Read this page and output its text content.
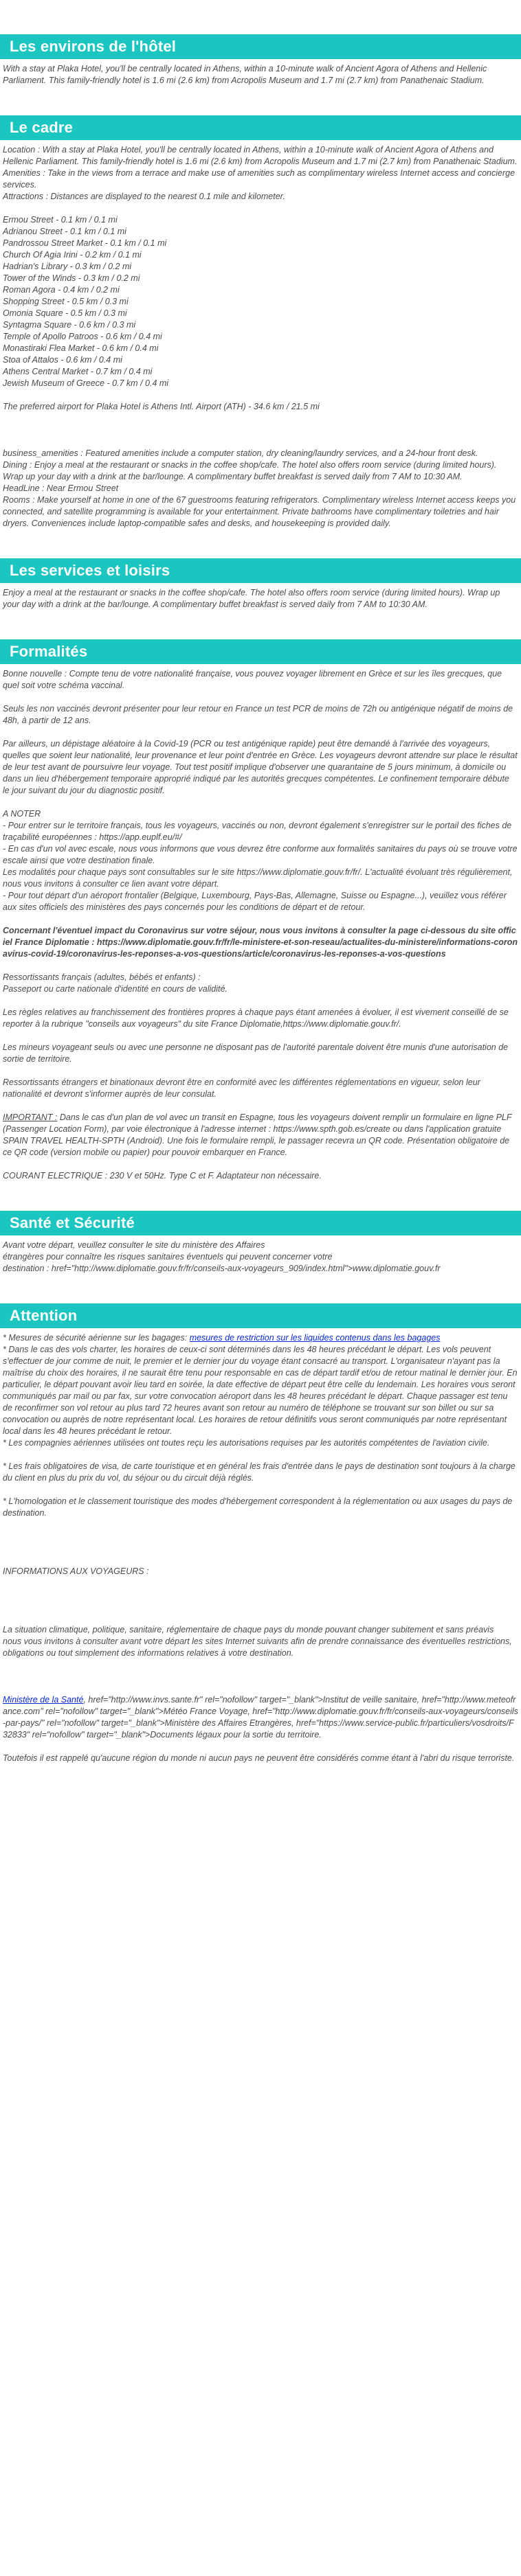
Les environs de l'hôtel

With a stay at Plaka Hotel, you'll be centrally located in Athens, within a 10-minute walk of Ancient Agora of Athens and Hellenic Parliament. This family-friendly hotel is 1.6 mi (2.6 km) from Acropolis Museum and 1.7 mi (2.7 km) from Panathenaic Stadium.

Le cadre

Location : With a stay at Plaka Hotel, you'll be centrally located in Athens, within a 10-minute walk of Ancient Agora of Athens and Hellenic Parliament. This family-friendly hotel is 1.6 mi (2.6 km) from Acropolis Museum and 1.7 mi (2.7 km) from Panathenaic Stadium.

Amenities : Take in the views from a terrace and make use of amenities such as complimentary wireless Internet access and concierge services.

Attractions : Distances are displayed to the nearest 0.1 mile and kilometer.

Ermou Street - 0.1 km / 0.1 mi
Adrianou Street - 0.1 km / 0.1 mi
Pandrossou Street Market - 0.1 km / 0.1 mi
Church Of Agia Irini - 0.2 km / 0.1 mi
Hadrian's Library - 0.3 km / 0.2 mi
Tower of the Winds - 0.3 km / 0.2 mi
Roman Agora - 0.4 km / 0.2 mi
Shopping Street - 0.5 km / 0.3 mi
Omonia Square - 0.5 km / 0.3 mi
Syntagma Square - 0.6 km / 0.3 mi
Temple of Apollo Patroos - 0.6 km / 0.4 mi
Monastiraki Flea Market - 0.6 km / 0.4 mi
Stoa of Attalos - 0.6 km / 0.4 mi
Athens Central Market - 0.7 km / 0.4 mi
Jewish Museum of Greece - 0.7 km / 0.4 mi

The preferred airport for Plaka Hotel is Athens Intl. Airport (ATH) - 34.6 km / 21.5 mi

business_amenities : Featured amenities include a computer station, dry cleaning/laundry services, and a 24-hour front desk.

Dining : Enjoy a meal at the restaurant or snacks in the coffee shop/cafe. The hotel also offers room service (during limited hours). Wrap up your day with a drink at the bar/lounge. A complimentary buffet breakfast is served daily from 7 AM to 10:30 AM.

HeadLine : Near Ermou Street

Rooms : Make yourself at home in one of the 67 guestrooms featuring refrigerators. Complimentary wireless Internet access keeps you connected, and satellite programming is available for your entertainment. Private bathrooms have complimentary toiletries and hair dryers. Conveniences include laptop-compatible safes and desks, and housekeeping is provided daily.

Les services et loisirs

Enjoy a meal at the restaurant or snacks in the coffee shop/cafe. The hotel also offers room service (during limited hours). Wrap up your day with a drink at the bar/lounge. A complimentary buffet breakfast is served daily from 7 AM to 10:30 AM.

Formalités

Bonne nouvelle : Compte tenu de votre nationalité française, vous pouvez voyager librement en Grèce et sur les îles grecques, que quel soit votre schéma vaccinal.

Seuls les non vaccinés devront présenter pour leur retour en France un test PCR de moins de 72h ou antigénique négatif de moins de 48h, à partir de 12 ans.

Par ailleurs, un dépistage aléatoire à la Covid-19 (PCR ou test antigénique rapide) peut être demandé à l'arrivée des voyageurs, quelles que soient leur nationalité, leur provenance et leur point d'entrée en Grèce. Les voyageurs devront attendre sur place le résultat de leur test avant de poursuivre leur voyage. Tout test positif implique d'observer une quarantaine de 5 jours minimum, à domicile ou dans un lieu d'hébergement temporaire approprié indiqué par les autorités grecques compétentes. Le confinement temporaire débute le jour suivant du jour du diagnostic positif.

A NOTER

- Pour entrer sur le territoire français, tous les voyageurs, vaccinés ou non, devront également s'enregistrer sur le portail des fiches de traçabilité européennes : https://app.euplf.eu/#/

- En cas d'un vol avec escale, nous vous informons que vous devrez être conforme aux formalités sanitaires du pays où se trouve votre escale ainsi que votre destination finale.

Les modalités pour chaque pays sont consultables sur le site https://www.diplomatie.gouv.fr/fr/. L'actualité évoluant très régulièrement, nous vous invitons à consulter ce lien avant votre départ.

- Pour tout départ d'un aéroport frontalier (Belgique, Luxembourg, Pays-Bas, Allemagne, Suisse ou Espagne...), veuillez vous référer aux sites officiels des ministères des pays concernés pour les conditions de départ et de retour.

Concernant l'éventuel impact du Coronavirus sur votre séjour, nous vous invitons à consulter la page ci-dessous du site officiel France Diplomatie : https://www.diplomatie.gouv.fr/fr/le-ministere-et-son-reseau/actualites-du-ministere/informations-coronavirus-covid-19/coronavirus-les-reponses-a-vos-questions/article/coronavirus-les-reponses-a-vos-questions

Ressortissants français (adultes, bébés et enfants) :

Passeport ou carte nationale d'identité en cours de validité.

Les règles relatives au franchissement des frontières propres à chaque pays étant amenées à évoluer, il est vivement conseillé de se reporter à la rubrique "conseils aux voyageurs" du site France Diplomatie,https://www.diplomatie.gouv.fr/.

Les mineurs voyageant seuls ou avec une personne ne disposant pas de l'autorité parentale doivent être munis d'une autorisation de sortie de territoire.

Ressortissants étrangers et binationaux devront être en conformité avec les différentes réglementations en vigueur, selon leur nationalité et devront s'informer auprès de leur consulat.

IMPORTANT : Dans le cas d'un plan de vol avec un transit en Espagne, tous les voyageurs doivent remplir un formulaire en ligne PLF (Passenger Location Form), par voie électronique à l'adresse internet : https://www.spth.gob.es/create ou dans l'application gratuite SPAIN TRAVEL HEALTH-SPTH (Android). Une fois le formulaire rempli, le passager recevra un QR code. Présentation obligatoire de ce QR code (version mobile ou papier) pour pouvoir embarquer en France.

COURANT ELECTRIQUE : 230 V et 50Hz. Type C et F. Adaptateur non nécessaire.

Santé et Sécurité

Avant votre départ, veuillez consulter le site du ministère des Affaires

étrangères pour connaître les risques sanitaires éventuels qui peuvent concerner votre

destination : href="http://www.diplomatie.gouv.fr/fr/conseils-aux-voyageurs_909/index.html">www.diplomatie.gouv.fr

Attention

* Mesures de sécurité aérienne sur les bagages: mesures de restriction sur les liquides contenus dans les bagages

* Dans le cas des vols charter, les horaires de ceux-ci sont déterminés dans les 48 heures précédant le départ. Les vols peuvent s'effectuer de jour comme de nuit, le premier et le dernier jour du voyage étant consacré au transport. L'organisateur n'ayant pas la maîtrise du choix des horaires, il ne saurait être tenu pour responsable en cas de départ tardif et/ou de retour matinal le dernier jour. En particulier, le départ pouvant avoir lieu tard en soirée, la date effective de départ peut être celle du lendemain. Les horaires vous seront communiqués par mail ou par fax, sur votre convocation aéroport dans les 48 heures précédant le départ. Chaque passager est tenu de reconfirmer son vol retour au plus tard 72 heures avant son retour au numéro de téléphone se trouvant sur son billet ou sur sa convocation ou auprès de notre représentant local. Les horaires de retour définitifs vous seront communiqués par notre représentant local dans les 48 heures précédant le retour.

* Les compagnies aériennes utilisées ont toutes reçu les autorisations requises par les autorités compétentes de l'aviation civile.

* Les frais obligatoires de visa, de carte touristique et en général les frais d'entrée dans le pays de destination sont toujours à la charge du client en plus du prix du vol, du séjour ou du circuit déjà réglés.

* L'homologation et le classement touristique des modes d'hébergement correspondent à la réglementation ou aux usages du pays de destination.

INFORMATIONS AUX VOYAGEURS :

La situation climatique, politique, sanitaire, réglementaire de chaque pays du monde pouvant changer subitement et sans préavis

nous vous invitons à consulter avant votre départ les sites Internet suivants afin de prendre connaissance des éventuelles restrictions, obligations ou tout simplement des informations relatives à votre destination.

Ministère de la Santé, href="http://www.invs.sante.fr" rel="nofollow" target="_blank">Institut de veille sanitaire, href="http://www.meteofrance.com" rel="nofollow" target="_blank">Météo France Voyage, href="http://www.diplomatie.gouv.fr/fr/conseils-aux-voyageurs/conseils-par-pays/" rel="nofollow" target="_blank">Ministère des Affaires Etrangères, href="https://www.service-public.fr/particuliers/vosdroits/F32833" rel="nofollow" target="_blank">Documents légaux pour la sortie du territoire.

Toutefois il est rappelé qu'aucune région du monde ni aucun pays ne peuvent être considérés comme étant à l'abri du risque terroriste.
